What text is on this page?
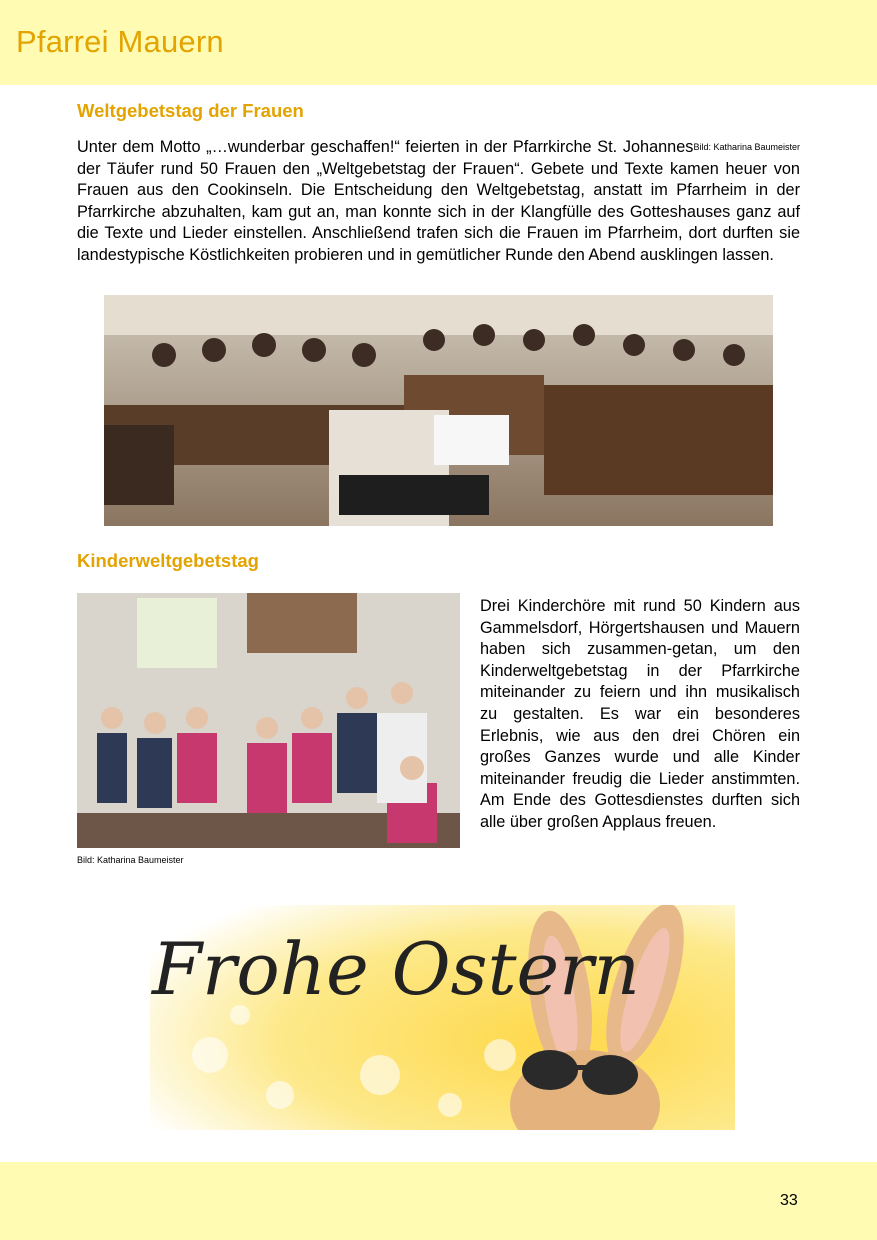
Pfarrei Mauern
Weltgebetstag der Frauen
Bild: Katharina Baumeister
Unter dem Motto „…wunderbar geschaffen!“ feierten in der Pfarrkirche St. Johannes der Täufer rund 50 Frauen den „Weltgebetstag der Frauen“. Gebete und Texte kamen heuer von Frauen aus den Cookinseln. Die Entscheidung den Weltgebetstag, anstatt im Pfarrheim in der Pfarrkirche abzuhalten, kam gut an, man konnte sich in der Klangfülle des Gotteshauses ganz auf die Texte und Lieder einstellen. Anschließend trafen sich die Frauen im Pfarrheim, dort durften sie landestypische Köstlichkeiten probieren und in gemütlicher Runde den Abend ausklingen lassen.
Kinderweltgebetstag
Drei Kinderchöre mit rund 50 Kindern aus Gammelsdorf, Hörgertshausen und Mauern haben sich zusammen-getan, um den Kinderweltgebetstag in der Pfarrkirche miteinander zu feiern und ihn musikalisch zu gestalten. Es war ein besonderes Erlebnis, wie aus den drei Chören ein großes Ganzes wurde und alle Kinder miteinander freudig die Lieder anstimmten. Am Ende des Gottesdienstes durften sich alle über großen Applaus freuen.
Bild: Katharina Baumeister
Frohe Ostern
33
